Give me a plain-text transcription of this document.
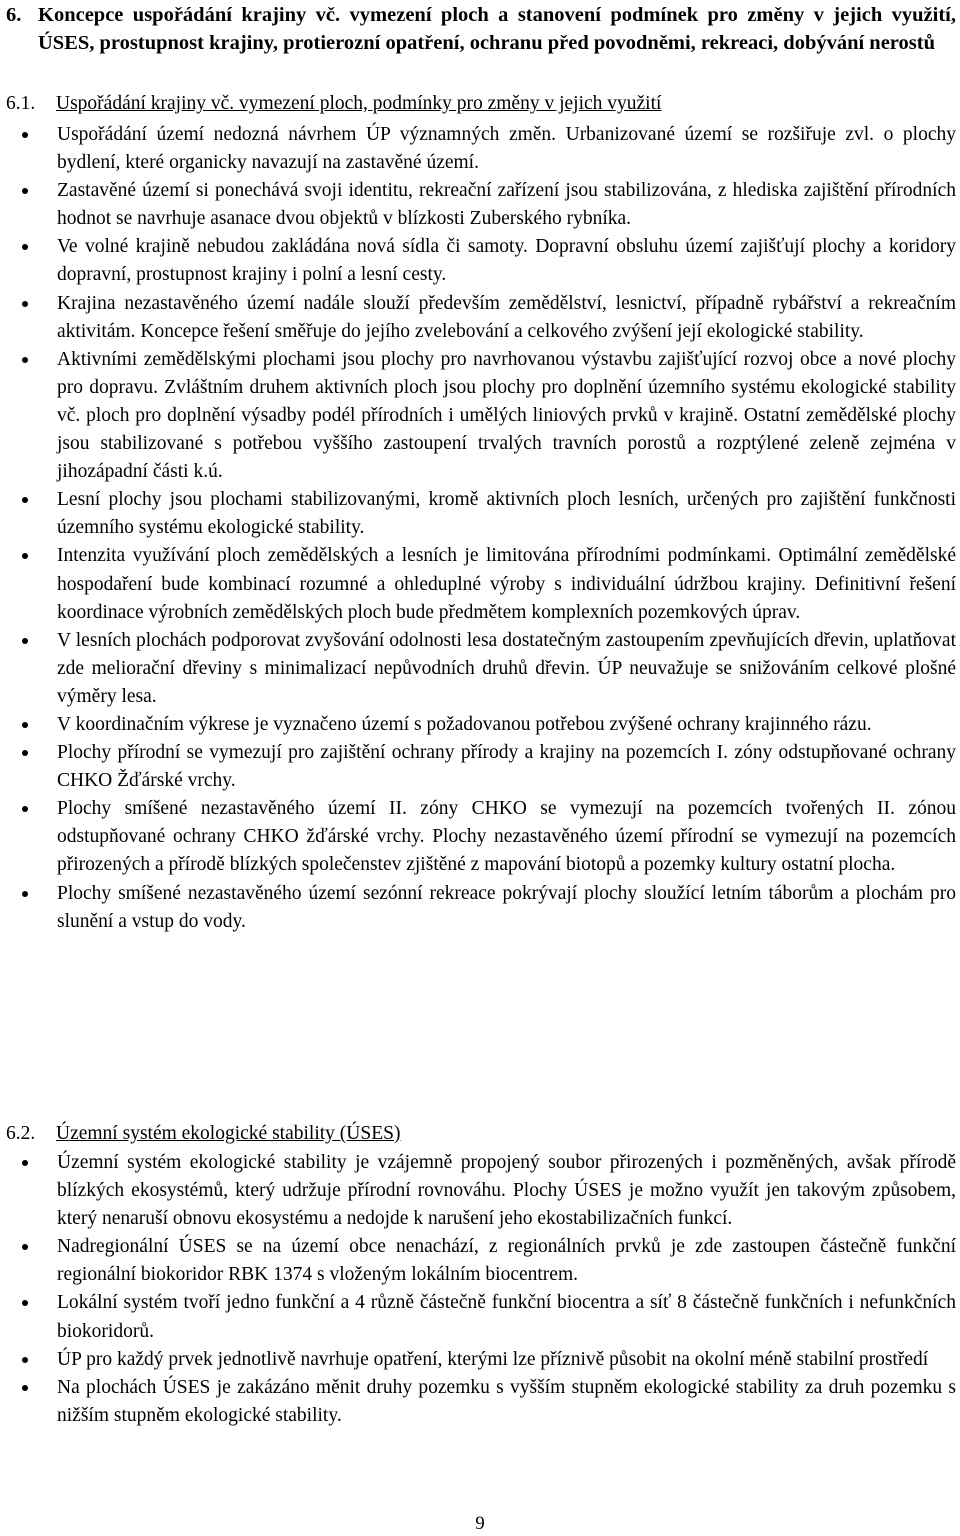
6. Koncepce uspořádání krajiny vč. vymezení ploch a stanovení podmínek pro změny v jejich využití, ÚSES, prostupnost krajiny, protierozní opatření, ochranu před povodněmi, rekreaci, dobývání nerostů
6.1.	Uspořádání krajiny vč. vymezení ploch, podmínky pro změny v jejich využití
Uspořádání území nedozná návrhem ÚP významných změn. Urbanizované území se rozšiřuje zvl. o plochy bydlení, které organicky navazují na zastavěné území.
Zastavěné území si ponechává svoji identitu, rekreační zařízení jsou stabilizována, z hlediska zajištění přírodních hodnot se navrhuje asanace dvou objektů v blízkosti Zuberského rybníka.
Ve volné krajině nebudou zakládána nová sídla či samoty. Dopravní obsluhu území zajišťují plochy a koridory dopravní, prostupnost krajiny i polní a lesní cesty.
Krajina nezastavěného území nadále slouží především zemědělství, lesnictví, případně rybářství a rekreačním aktivitám. Koncepce řešení směřuje do jejího zvelebování a celkového zvýšení její ekologické stability.
Aktivními zemědělskými plochami jsou plochy pro navrhovanou výstavbu zajišťující rozvoj obce a nové plochy pro dopravu. Zvláštním druhem aktivních ploch jsou plochy pro doplnění územního systému ekologické stability vč. ploch pro doplnění výsadby podél přírodních i umělých liniových prvků v krajině. Ostatní zemědělské plochy jsou stabilizované s potřebou vyššího zastoupení trvalých travních porostů a rozptýlené zeleně zejména v jihozápadní části k.ú.
Lesní plochy jsou plochami stabilizovanými, kromě aktivních ploch lesních, určených pro zajištění funkčnosti územního systému ekologické stability.
Intenzita využívání ploch zemědělských a lesních je limitována přírodními podmínkami. Optimální zemědělské hospodaření bude kombinací rozumné a ohleduplné výroby s individuální údržbou krajiny. Definitivní řešení koordinace výrobních zemědělských ploch bude předmětem komplexních pozemkových úprav.
V lesních plochách podporovat zvyšování odolnosti lesa dostatečným zastoupením zpevňujících dřevin, uplatňovat zde meliorační dřeviny s minimalizací nepůvodních druhů dřevin. ÚP neuvažuje se snižováním celkové plošné výměry lesa.
V koordinačním výkrese je vyznačeno území s požadovanou potřebou zvýšené ochrany krajinného rázu.
Plochy přírodní se vymezují pro zajištění ochrany přírody a krajiny na pozemcích I. zóny odstupňované ochrany CHKO Žďárské vrchy.
Plochy smíšené nezastavěného území II. zóny CHKO se vymezují na pozemcích tvořených II. zónou odstupňované ochrany CHKO žďárské vrchy. Plochy nezastavěného území přírodní se vymezují na pozemcích přirozených a přírodě blízkých společenstev zjištěné z mapování biotopů a pozemky kultury ostatní plocha.
Plochy smíšené nezastavěného území sezónní rekreace pokrývají plochy sloužící letním táborům a plochám pro slunění a vstup do vody.
6.2.	Územní systém ekologické stability (ÚSES)
Územní systém ekologické stability je vzájemně propojený soubor přirozených i pozměněných, avšak přírodě blízkých ekosystémů, který udržuje přírodní rovnováhu. Plochy ÚSES je možno využít jen takovým způsobem, který nenaruší obnovu ekosystému a nedojde k narušení jeho ekostabilizačních funkcí.
Nadregionální ÚSES se na území obce nenachází, z regionálních prvků je zde zastoupen částečně funkční regionální biokoridor RBK 1374 s vloženým lokálním biocentrem.
Lokální systém tvoří jedno funkční a 4 různě částečně funkční biocentra a síť 8 částečně funkčních i nefunkčních biokoridorů.
ÚP pro každý prvek jednotlivě navrhuje opatření, kterými lze příznivě působit na okolní méně stabilní prostředí
Na plochách ÚSES je zakázáno měnit druhy pozemku s vyšším stupněm ekologické stability za druh pozemku s nižším stupněm ekologické stability.
9
